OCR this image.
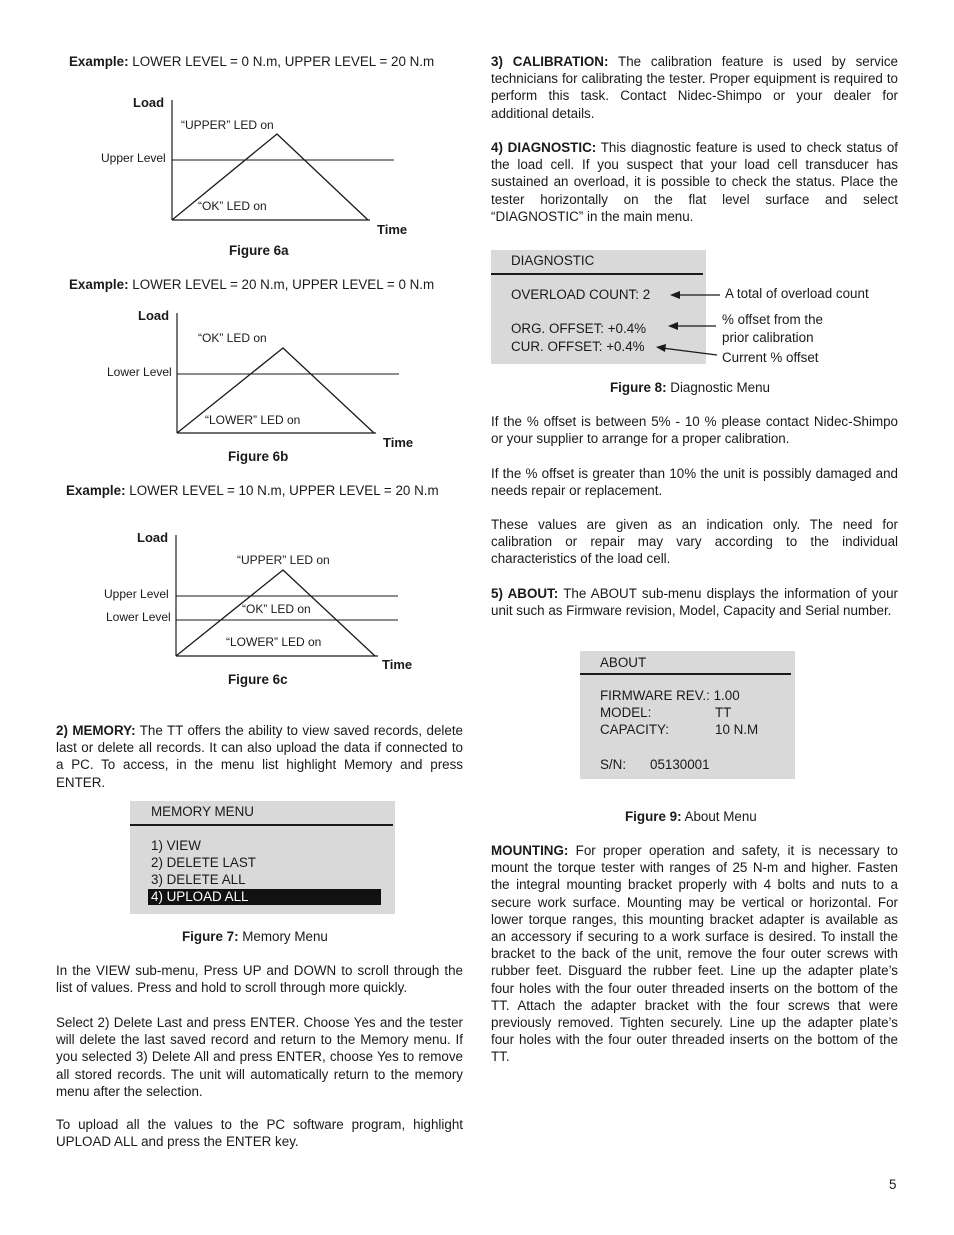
Example: LOWER LEVEL = 0 N.m, UPPER LEVEL = 20 N.m
Load
Upper Level
“UPPER” LED on
“OK” LED on
Time
Figure 6a
Example: LOWER LEVEL = 20 N.m, UPPER LEVEL = 0 N.m
Load
Lower Level
“OK” LED on
“LOWER” LED on
Time
Figure 6b
Example: LOWER LEVEL = 10 N.m, UPPER LEVEL = 20 N.m
Load
Upper Level
Lower Level
“UPPER” LED on
“OK” LED on
“LOWER” LED on
Time
Figure 6c
2) MEMORY: The TT offers the ability to view saved records, delete last or delete all records. It can also upload the data if connected to a PC. To access, in the menu list highlight Memory and press ENTER.
MEMORY MENU
1) VIEW
2) DELETE LAST
3) DELETE ALL
4) UPLOAD ALL
Figure 7: Memory Menu
In the VIEW sub-menu, Press UP and DOWN to scroll through the list of values. Press and hold to scroll through more quickly.
Select 2) Delete Last and press ENTER. Choose Yes and the tester will delete the last saved record and return to the Memory menu. If you selected 3) Delete All and press ENTER, choose Yes to remove all stored records. The unit will automatically return to the memory menu after the selection.
To upload all the values to the PC software program, highlight UPLOAD ALL and press the ENTER key.
3) CALIBRATION: The calibration feature is used by service technicians for calibrating the tester. Proper equipment is required to perform this task. Contact Nidec-Shimpo or your dealer for additional details.
4) DIAGNOSTIC: This diagnostic feature is used to check status of the load cell. If you suspect that your load cell transducer has sustained an overload, it is possible to check the status. Place the tester horizontally on the flat level surface and select “DIAGNOSTIC” in the main menu.
DIAGNOSTIC
OVERLOAD COUNT: 2
ORG. OFFSET: +0.4%
CUR. OFFSET: +0.4%
A total of overload count
% offset from the
prior calibration
Current % offset
Figure 8: Diagnostic Menu
If the % offset is between 5% - 10 % please contact Nidec-Shimpo or your supplier to arrange for a proper calibration.
If the % offset is greater than 10% the unit is possibly damaged and needs repair or replacement.
These values are given as an indication only. The need for calibration or repair may vary according to the individual characteristics of the load cell.
5) ABOUT: The ABOUT sub-menu displays the information of your unit such as Firmware revision, Model, Capacity and Serial number.
ABOUT
FIRMWARE REV.: 1.00
MODEL:	TT
CAPACITY:	10 N.M
S/N: 05130001
Figure 9: About Menu
MOUNTING: For proper operation and safety, it is necessary to mount the torque tester with ranges of 25 N-m and higher. Fasten the integral mounting bracket properly with 4 bolts and nuts to a secure work surface. Mounting may be vertical or horizontal. For lower torque ranges, this mounting bracket adapter is available as an accessory if securing to a work surface is desired. To install the bracket to the back of the unit, remove the four outer screws with rubber feet. Disguard the rubber feet. Line up the adapter plate’s four holes with the four outer threaded inserts on the bottom of the TT. Attach the adapter bracket with the four screws that were previously removed. Tighten securely. Line up the adapter plate’s four holes with the four outer threaded inserts on the bottom of the TT.
5
